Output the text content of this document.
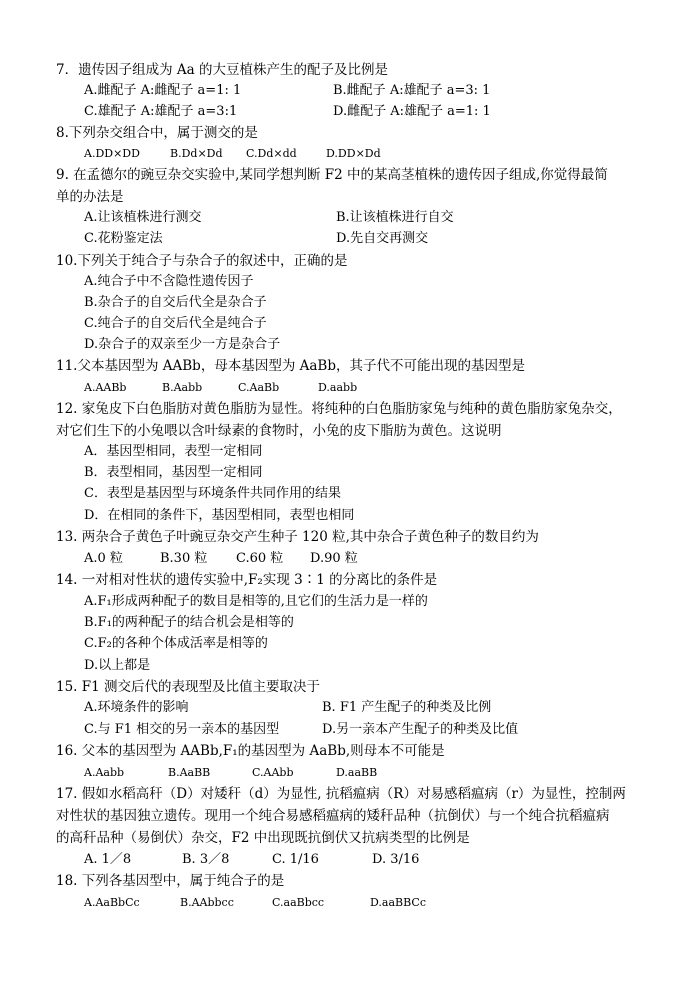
7．遗传因子组成为 Aa 的大豆植株产生的配子及比例是
A.雌配子 A:雌配子 a=1: 1	B.雌配子 A:雄配子 a=3: 1
C.雄配子 A:雄配子 a=3:1	D.雌配子 A:雄配子 a=1: 1
8.下列杂交组合中，属于测交的是
A.DD×DD	B.Dd×Dd C.Dd×dd	D.DD×Dd
9. 在孟德尔的豌豆杂交实验中,某同学想判断 F2 中的某高茎植株的遗传因子组成,你觉得最简
单的办法是
A.让该植株进行测交	B.让该植株进行自交
C.花粉鉴定法	D.先自交再测交
10.下列关于纯合子与杂合子的叙述中，正确的是
A.纯合子中不含隐性遗传因子
B.杂合子的自交后代全是杂合子
C.纯合子的自交后代全是纯合子
D.杂合子的双亲至少一方是杂合子
11.父本基因型为 AABb，母本基因型为 AaBb，其子代不可能出现的基因型是
A.AABb	B.Aabb	C.AaBb	D.aabb
12. 家兔皮下白色脂肪对黄色脂肪为显性。将纯种的白色脂肪家兔与纯种的黄色脂肪家兔杂交，
对它们生下的小兔喂以含叶绿素的食物时，小兔的皮下脂肪为黄色。这说明
A．基因型相同，表型一定相同
B．表型相同，基因型一定相同
C．表型是基因型与环境条件共同作用的结果
D．在相同的条件下，基因型相同，表型也相同
13. 两杂合子黄色子叶豌豆杂交产生种子 120 粒,其中杂合子黄色种子的数目约为
A.0 粒	B.30 粒 C.60 粒 D.90 粒
14. 一对相对性状的遗传实验中,F₂实现 3∶1 的分离比的条件是
A.F₁形成两种配子的数目是相等的,且它们的生活力是一样的
B.F₁的两种配子的结合机会是相等的
C.F₂的各种个体成活率是相等的
D.以上都是
15. F1 测交后代的表现型及比值主要取决于
A.环境条件的影响	B. F1 产生配子的种类及比例
C.与 F1 相交的另一亲本的基因型	D.另一亲本产生配子的种类及比值
16. 父本的基因型为 AABb,F₁的基因型为 AaBb,则母本不可能是
A.Aabb	B.AaBB	C.AAbb	D.aaBB
17. 假如水稻高秆（D）对矮秆（d）为显性, 抗稻瘟病（R）对易感稻瘟病（r）为显性，控制两
对性状的基因独立遗传。现用一个纯合易感稻瘟病的矮秆品种（抗倒伏）与一个纯合抗稻瘟病
的高秆品种（易倒伏）杂交，F2 中出现既抗倒伏又抗病类型的比例是
A. 1／8	B. 3／8	C. 1/16	D. 3/16
18. 下列各基因型中，属于纯合子的是
A.AaBbCc	B.AAbbcc	C.aaBbcc	D.aaBBCc
